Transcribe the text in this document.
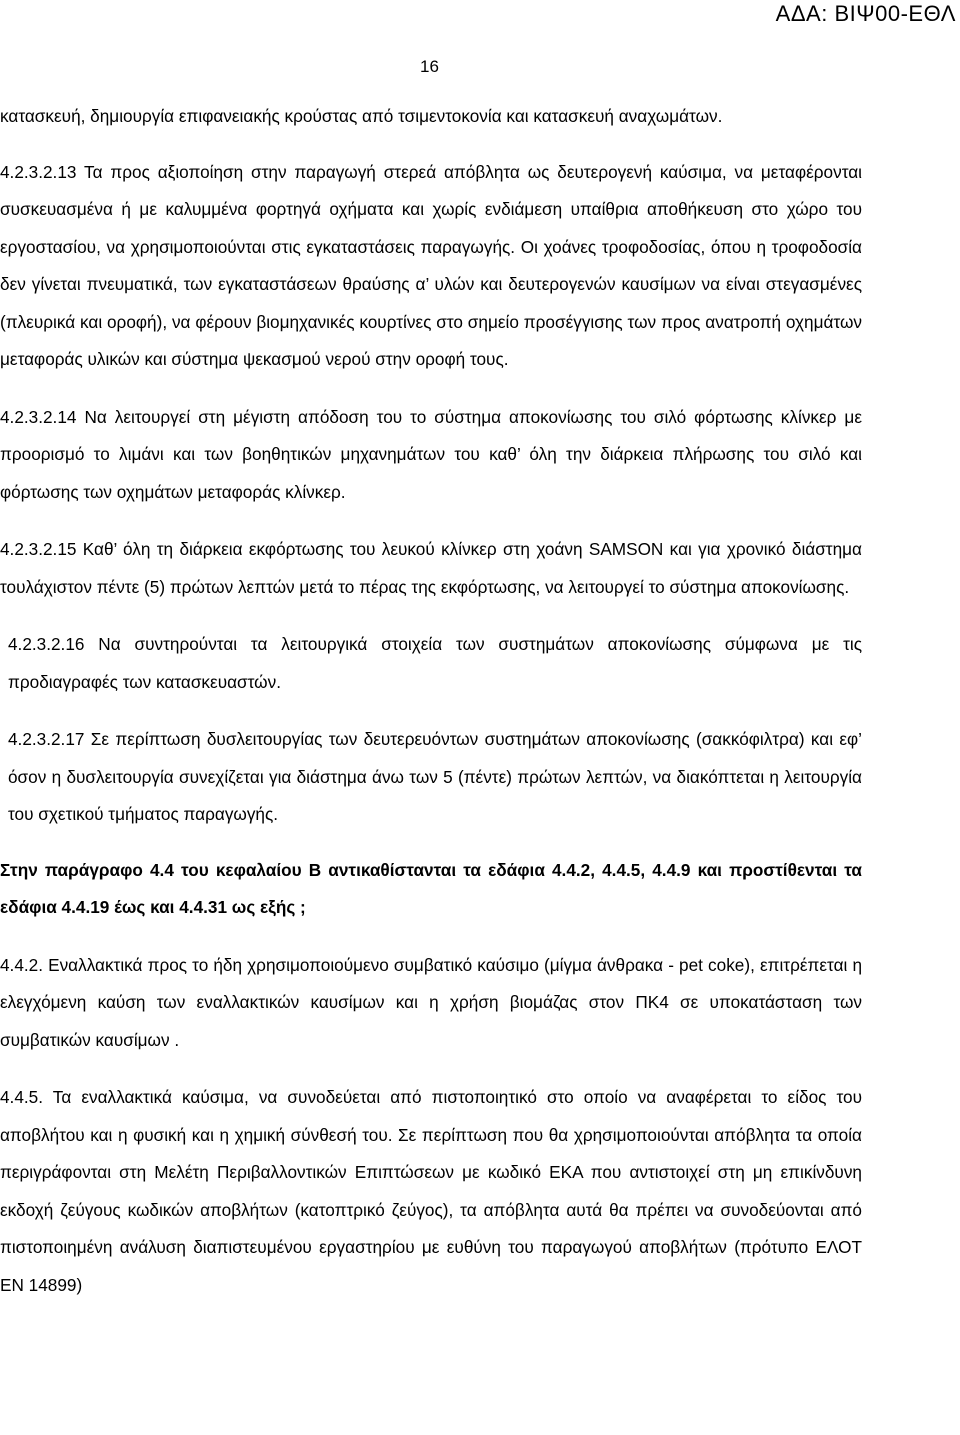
ΑΔΑ: ΒΙΨ00-ΕΘΛ
16

κατασκευή, δημιουργία επιφανειακής κρούστας από τσιμεντοκονία και κατασκευή αναχωμάτων.

4.2.3.2.13 Τα προς αξιοποίηση στην παραγωγή στερεά απόβλητα ως δευτερογενή καύσιμα, να μεταφέρονται συσκευασμένα ή με καλυμμένα φορτηγά οχήματα και χωρίς ενδιάμεση υπαίθρια αποθήκευση στο χώρο του εργοστασίου, να χρησιμοποιούνται στις εγκαταστάσεις παραγωγής. Οι χοάνες τροφοδοσίας, όπου η τροφοδοσία δεν γίνεται πνευματικά, των εγκαταστάσεων θραύσης α’ υλών και δευτερογενών καυσίμων να είναι στεγασμένες (πλευρικά και οροφή), να φέρουν βιομηχανικές κουρτίνες στο σημείο προσέγγισης των προς ανατροπή οχημάτων μεταφοράς υλικών και σύστημα ψεκασμού νερού στην οροφή τους.

4.2.3.2.14 Να λειτουργεί στη μέγιστη απόδοση του το σύστημα αποκονίωσης του σιλό φόρτωσης κλίνκερ με προορισμό το λιμάνι και των βοηθητικών μηχανημάτων του καθ’ όλη την διάρκεια πλήρωσης του σιλό και φόρτωσης των οχημάτων μεταφοράς κλίνκερ.

4.2.3.2.15 Καθ’ όλη τη διάρκεια εκφόρτωσης του λευκού κλίνκερ στη χοάνη SAMSON και για χρονικό διάστημα τουλάχιστον πέντε (5) πρώτων λεπτών μετά το πέρας της εκφόρτωσης, να λειτουργεί το σύστημα αποκονίωσης.

4.2.3.2.16 Να συντηρούνται τα λειτουργικά στοιχεία των συστημάτων αποκονίωσης σύμφωνα με τις προδιαγραφές των κατασκευαστών.

4.2.3.2.17 Σε περίπτωση δυσλειτουργίας των δευτερευόντων συστημάτων αποκονίωσης (σακκόφιλτρα) και εφ’ όσον η δυσλειτουργία συνεχίζεται για διάστημα άνω των 5 (πέντε) πρώτων λεπτών, να διακόπτεται η λειτουργία του σχετικού τμήματος παραγωγής.

Στην παράγραφο 4.4 του κεφαλαίου Β αντικαθίστανται τα εδάφια 4.4.2, 4.4.5, 4.4.9 και προστίθενται τα εδάφια 4.4.19 έως και 4.4.31 ως εξής ;

4.4.2. Εναλλακτικά προς το ήδη χρησιμοποιούμενο συμβατικό καύσιμο (μίγμα άνθρακα - pet coke), επιτρέπεται η ελεγχόμενη καύση των εναλλακτικών καυσίμων και η χρήση βιομάζας στον ΠΚ4 σε υποκατάσταση των συμβατικών καυσίμων .

4.4.5. Τα εναλλακτικά καύσιμα, να συνοδεύεται από πιστοποιητικό στο οποίο να αναφέρεται το είδος του αποβλήτου και η φυσική και η χημική σύνθεσή του. Σε περίπτωση που θα χρησιμοποιούνται απόβλητα τα οποία περιγράφονται στη Μελέτη Περιβαλλοντικών Επιπτώσεων με κωδικό ΕΚΑ που αντιστοιχεί στη μη επικίνδυνη εκδοχή ζεύγους κωδικών αποβλήτων (κατοπτρικό ζεύγος), τα απόβλητα αυτά θα πρέπει να συνοδεύονται από πιστοποιημένη ανάλυση διαπιστευμένου εργαστηρίου με ευθύνη του παραγωγού αποβλήτων (πρότυπο ΕΛΟΤ ΕΝ 14899)
